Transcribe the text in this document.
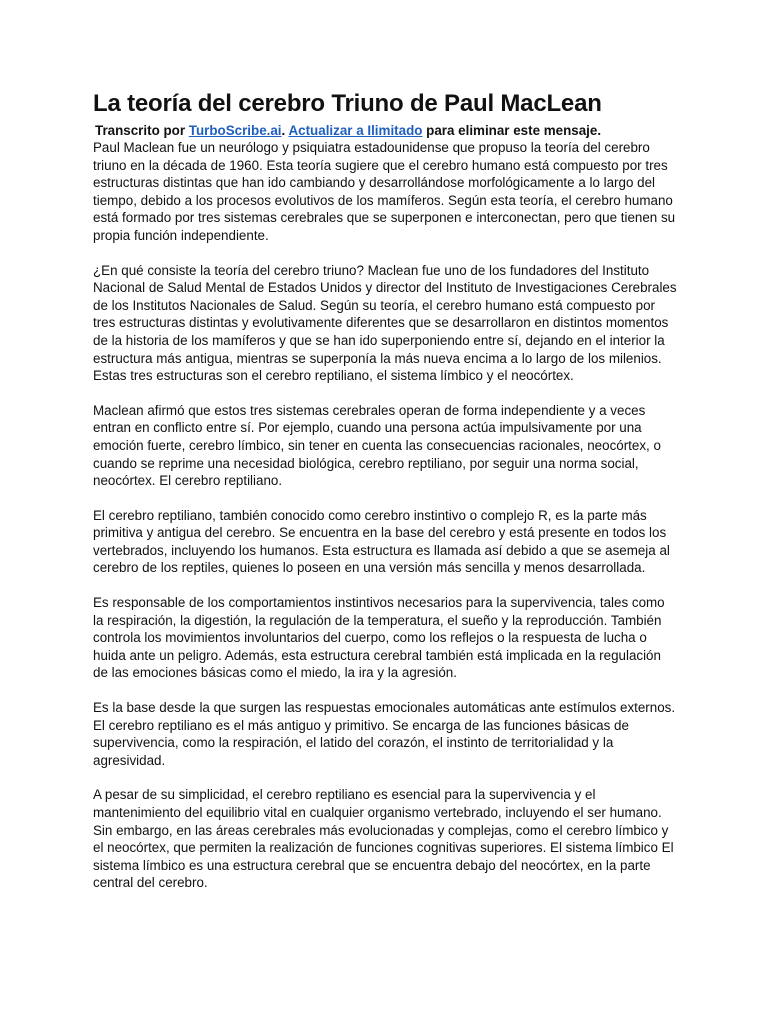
La teoría del cerebro Triuno de Paul MacLean
Transcrito por TurboScribe.ai. Actualizar a Ilimitado para eliminar este mensaje.

Paul Maclean fue un neurólogo y psiquiatra estadounidense que propuso la teoría del cerebro triuno en la década de 1960. Esta teoría sugiere que el cerebro humano está compuesto por tres estructuras distintas que han ido cambiando y desarrollándose morfológicamente a lo largo del tiempo, debido a los procesos evolutivos de los mamíferos. Según esta teoría, el cerebro humano está formado por tres sistemas cerebrales que se superponen e interconectan, pero que tienen su propia función independiente.

¿En qué consiste la teoría del cerebro triuno? Maclean fue uno de los fundadores del Instituto Nacional de Salud Mental de Estados Unidos y director del Instituto de Investigaciones Cerebrales de los Institutos Nacionales de Salud. Según su teoría, el cerebro humano está compuesto por tres estructuras distintas y evolutivamente diferentes que se desarrollaron en distintos momentos de la historia de los mamíferos y que se han ido superponiendo entre sí, dejando en el interior la estructura más antigua, mientras se superponía la más nueva encima a lo largo de los milenios. Estas tres estructuras son el cerebro reptiliano, el sistema límbico y el neocórtex.

Maclean afirmó que estos tres sistemas cerebrales operan de forma independiente y a veces entran en conflicto entre sí. Por ejemplo, cuando una persona actúa impulsivamente por una emoción fuerte, cerebro límbico, sin tener en cuenta las consecuencias racionales, neocórtex, o cuando se reprime una necesidad biológica, cerebro reptiliano, por seguir una norma social, neocórtex. El cerebro reptiliano.

El cerebro reptiliano, también conocido como cerebro instintivo o complejo R, es la parte más primitiva y antigua del cerebro. Se encuentra en la base del cerebro y está presente en todos los vertebrados, incluyendo los humanos. Esta estructura es llamada así debido a que se asemeja al cerebro de los reptiles, quienes lo poseen en una versión más sencilla y menos desarrollada.

Es responsable de los comportamientos instintivos necesarios para la supervivencia, tales como la respiración, la digestión, la regulación de la temperatura, el sueño y la reproducción. También controla los movimientos involuntarios del cuerpo, como los reflejos o la respuesta de lucha o huida ante un peligro. Además, esta estructura cerebral también está implicada en la regulación de las emociones básicas como el miedo, la ira y la agresión.

Es la base desde la que surgen las respuestas emocionales automáticas ante estímulos externos. El cerebro reptiliano es el más antiguo y primitivo. Se encarga de las funciones básicas de supervivencia, como la respiración, el latido del corazón, el instinto de territorialidad y la agresividad.

A pesar de su simplicidad, el cerebro reptiliano es esencial para la supervivencia y el mantenimiento del equilibrio vital en cualquier organismo vertebrado, incluyendo el ser humano. Sin embargo, en las áreas cerebrales más evolucionadas y complejas, como el cerebro límbico y el neocórtex, que permiten la realización de funciones cognitivas superiores. El sistema límbico El sistema límbico es una estructura cerebral que se encuentra debajo del neocórtex, en la parte central del cerebro.
